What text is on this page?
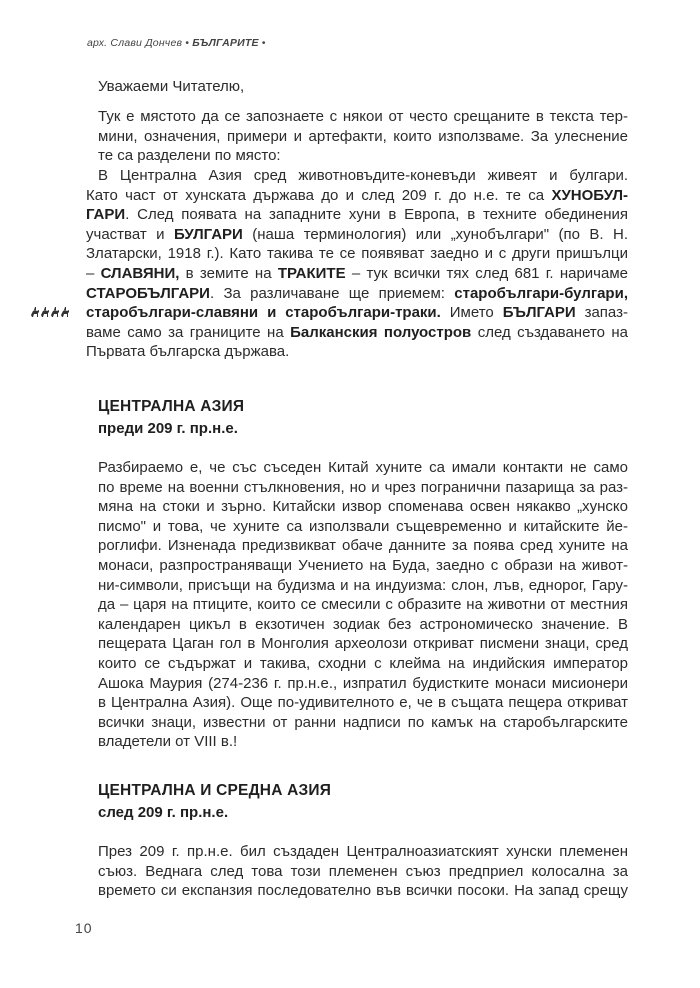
арх. Слави Дончев • БЪЛГАРИТЕ •

Уважаеми Читателю,

Тук е мястото да се запознаете с някои от често срещаните в текста тер-

мини, означения, примери и артефакти, които използваме. За улеснение

те са разделени по място:

В Централна Азия сред животновъдите-коневъди живеят и булгари.

Като част от хунската държава до и след 209 г. до н.е. те са ХУНОБУЛ-

ГАРИ. След появата на западните хуни в Европа, в техните обединения

участват и БУЛГАРИ (наша терминология) или „хунобългари" (по В. Н.

Златарски, 1918 г.). Като такива те се появяват заедно и с други пришълци

– СЛАВЯНИ, в земите на ТРАКИТЕ – тук всички тях след 681 г. наричаме

СТАРОБЪЛГАРИ. За различаване ще приемем: старобългари-булгари,

старобългари-славяни и старобългари-траки. Името БЪЛГАРИ запаз-

ваме само за границите на Балканския полуостров след създаването на

Първата българска държава.

ЦЕНТРАЛНА АЗИЯ

преди 209 г. пр.н.е.

Разбираемо е, че със съседен Китай хуните са имали контакти не само

по време на военни стълкновения, но и чрез погранични пазарища за раз-

мяна на стоки и зърно. Китайски извор споменава освен някакво „хунско

писмо" и това, че хуните са използвали същевременно и китайските йе-

роглифи. Изненада предизвикват обаче данните за поява сред хуните на

монаси, разпространяващи Учението на Буда, заедно с образи на живот-

ни-символи, присъщи на будизма и на индуизма: слон, лъв, еднорог, Гару-

да – царя на птиците, които се смесили с образите на животни от местния

календарен цикъл в екзотичен зодиак без астрономическо значение. В

пещерата Цаган гол в Монголия археолози откриват писмени знаци, сред

които се съдържат и такива, сходни с клейма на индийския император

Ашока Маурия (274-236 г. пр.н.е., изпратил будистките монаси мисионери

в Централна Азия). Още по-удивителното е, че в същата пещера откриват

всички знаци, известни от ранни надписи по камък на старобългарските

владетели от VIII в.!

ЦЕНТРАЛНА И СРЕДНА АЗИЯ

след 209 г. пр.н.е.

През 209 г. пр.н.е. бил създаден Централноазиатският хунски племенен

съюз. Веднага след това този племенен съюз предприел колосална за

времето си експанзия последователно във всички посоки. На запад срещу

10
